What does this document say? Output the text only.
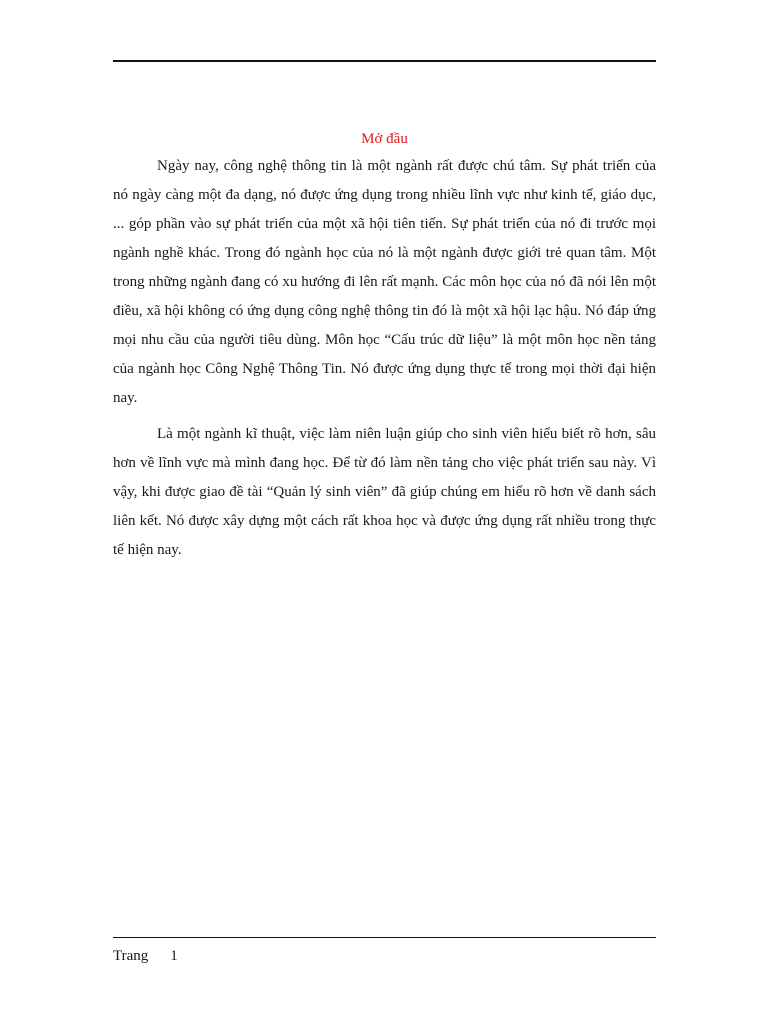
Mở đầu

Ngày nay, công nghệ thông tin là một ngành rất được chú tâm. Sự phát triển của nó ngày càng một đa dạng, nó được ứng dụng trong nhiều lĩnh vực như kinh tế, giáo dục, ... góp phần vào sự phát triển của một xã hội tiên tiến. Sự phát triển của nó đi trước mọi ngành nghề khác. Trong đó ngành học của nó là một ngành được giới trẻ quan tâm. Một trong những ngành đang có xu hướng đi lên rất mạnh. Các môn học của nó đã nói lên một điều, xã hội không có ứng dụng công nghệ thông tin đó là một xã hội lạc hậu. Nó đáp ứng mọi nhu cầu của người tiêu dùng. Môn học “Cấu trúc dữ liệu” là một môn học nền tảng của ngành học Công Nghệ Thông Tin. Nó được ứng dụng thực tế trong mọi thời đại hiện nay.

Là một ngành kĩ thuật, việc làm niên luận giúp cho sinh viên hiểu biết rõ hơn, sâu hơn về lĩnh vực mà mình đang học. Để từ đó làm nền tảng cho việc phát triển sau này. Vì vậy, khi được giao đề tài “Quản lý sinh viên” đã giúp chúng em hiểu rõ hơn về danh sách liên kết. Nó được xây dựng một cách rất khoa học và được ứng dụng rất nhiều trong thực tế hiện nay.

Trang 1
